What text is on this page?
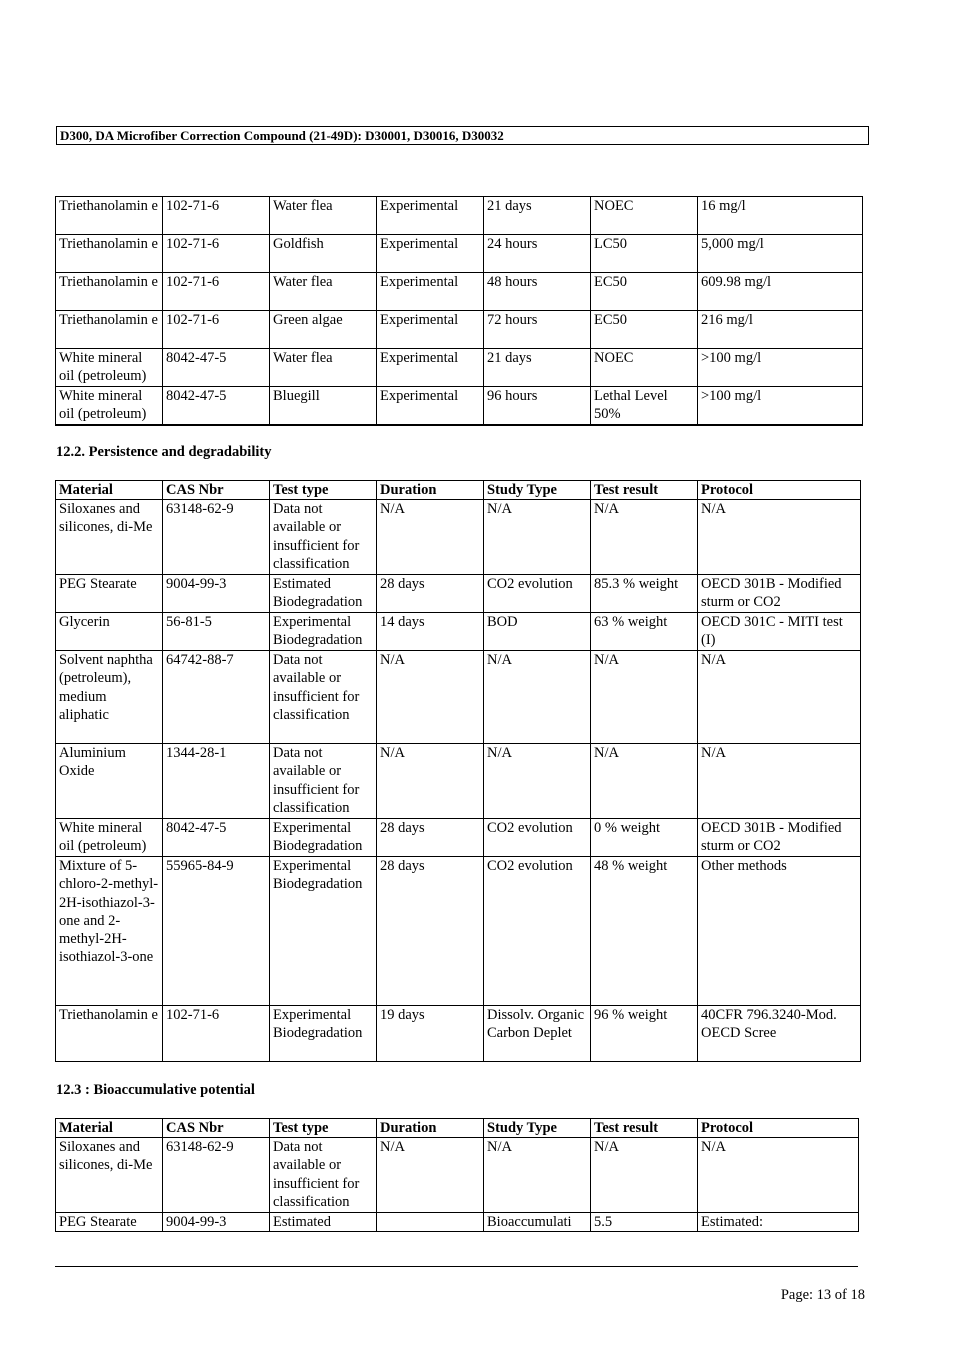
D300, DA Microfiber Correction Compound (21-49D): D30001, D30016, D30032
Triethanolamin e	102-71-6	Water flea	Experimental	21 days	NOEC	16 mg/l
Triethanolamin e	102-71-6	Goldfish	Experimental	24 hours	LC50	5,000 mg/l
Triethanolamin e	102-71-6	Water flea	Experimental	48 hours	EC50	609.98 mg/l
Triethanolamin e	102-71-6	Green algae	Experimental	72 hours	EC50	216 mg/l
White mineral oil (petroleum)	8042-47-5	Water flea	Experimental	21 days	NOEC	>100 mg/l
White mineral oil (petroleum)	8042-47-5	Bluegill	Experimental	96 hours	Lethal Level 50%	>100 mg/l
12.2. Persistence and degradability
Material	CAS Nbr	Test type	Duration	Study Type	Test result	Protocol
Siloxanes and silicones, di-Me	63148-62-9	Data not available or insufficient for classification	N/A	N/A	N/A	N/A
PEG Stearate	9004-99-3	Estimated Biodegradation	28 days	CO2 evolution	85.3 % weight	OECD 301B - Modified sturm or CO2
Glycerin	56-81-5	Experimental Biodegradation	14 days	BOD	63 % weight	OECD 301C - MITI test (I)
Solvent naphtha (petroleum), medium aliphatic	64742-88-7	Data not available or insufficient for classification	N/A	N/A	N/A	N/A
Aluminium Oxide	1344-28-1	Data not available or insufficient for classification	N/A	N/A	N/A	N/A
White mineral oil (petroleum)	8042-47-5	Experimental Biodegradation	28 days	CO2 evolution	0 % weight	OECD 301B - Modified sturm or CO2
Mixture of 5-chloro-2-methyl-2H-isothiazol-3-one and 2-methyl-2H-isothiazol-3-one	55965-84-9	Experimental Biodegradation	28 days	CO2 evolution	48 % weight	Other methods
Triethanolamin e	102-71-6	Experimental Biodegradation	19 days	Dissolv. Organic Carbon Deplet	96 % weight	40CFR 796.3240-Mod. OECD Scree
12.3 : Bioaccumulative potential
Material	CAS Nbr	Test type	Duration	Study Type	Test result	Protocol
Siloxanes and silicones, di-Me	63148-62-9	Data not available or insufficient for classification	N/A	N/A	N/A	N/A
PEG Stearate	9004-99-3	Estimated		Bioaccumulati	5.5	Estimated:
Page: 13 of 18
